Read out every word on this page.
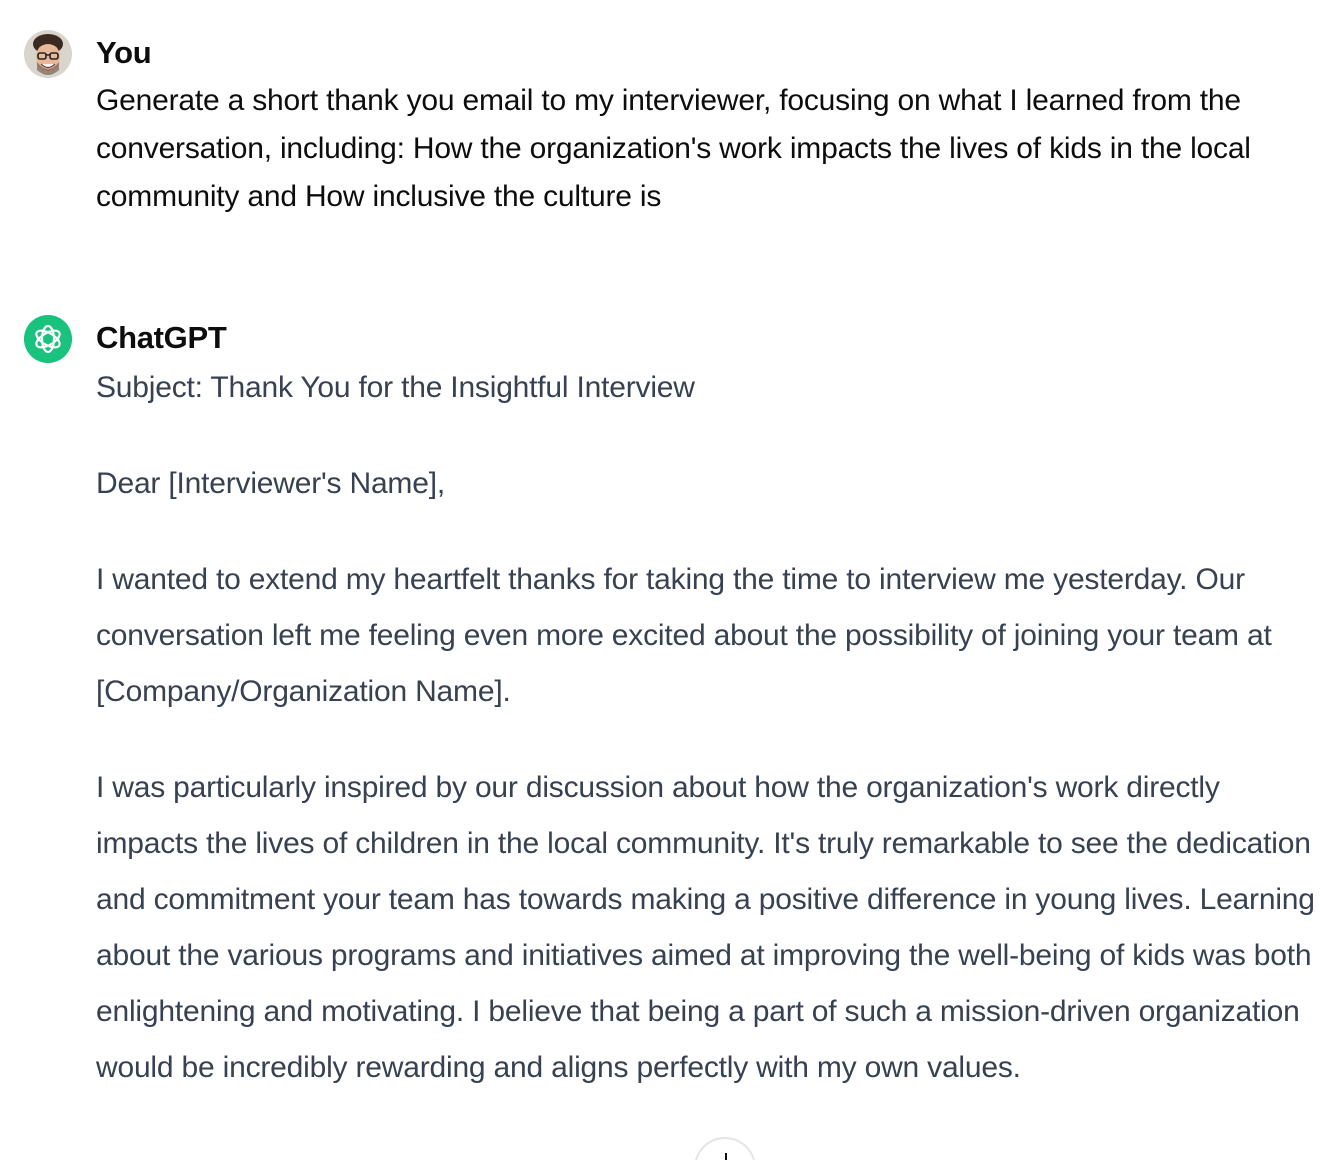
You

Generate a short thank you email to my interviewer, focusing on what I learned from the conversation, including: How the organization's work impacts the lives of kids in the local community and How inclusive the culture is

ChatGPT

Subject: Thank You for the Insightful Interview

Dear [Interviewer's Name],

I wanted to extend my heartfelt thanks for taking the time to interview me yesterday. Our conversation left me feeling even more excited about the possibility of joining your team at [Company/Organization Name].

I was particularly inspired by our discussion about how the organization's work directly impacts the lives of children in the local community. It's truly remarkable to see the dedication and commitment your team has towards making a positive difference in young lives. Learning about the various programs and initiatives aimed at improving the well-being of kids was both enlightening and motivating. I believe that being a part of such a mission-driven organization would be incredibly rewarding and aligns perfectly with my own values.
